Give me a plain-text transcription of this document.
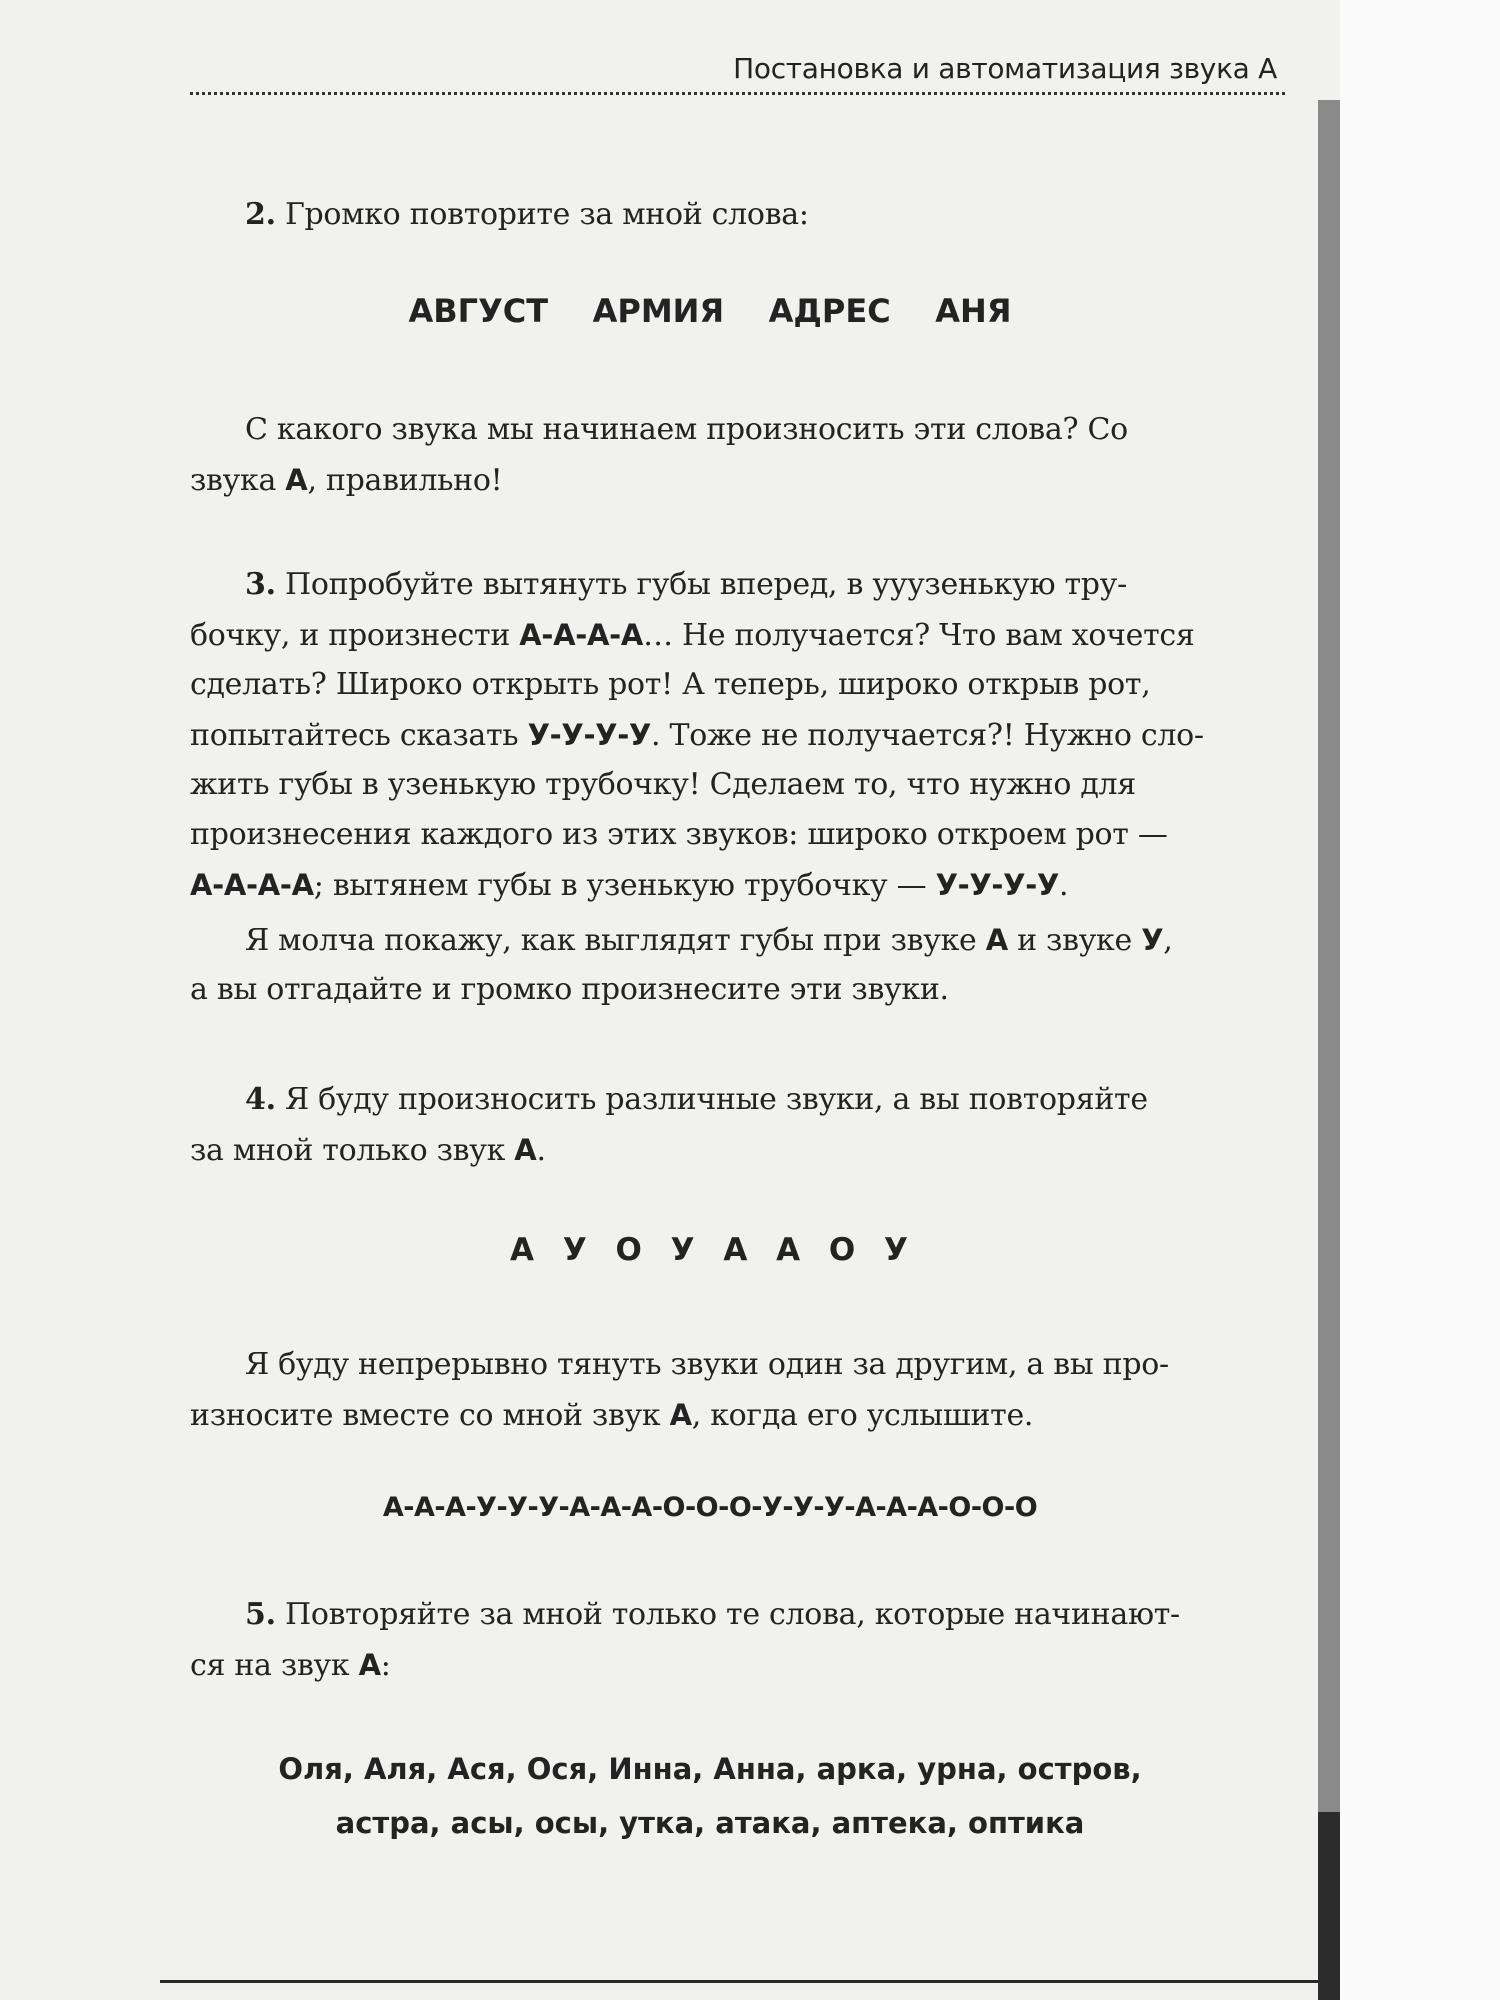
Постановка и автоматизация звука А

2. Громко повторите за мной слова:

АВГУСТ    АРМИЯ    АДРЕС    АНЯ

С какого звука мы начинаем произносить эти слова? Со

звука А, правильно!

3. Попробуйте вытянуть губы вперед, в ууузенькую тру-

бочку, и произнести А-А-А-А… Не получается? Что вам хочется

сделать? Широко открыть рот! А теперь, широко открыв рот,

попытайтесь сказать У-У-У-У. Тоже не получается?! Нужно сло-

жить губы в узенькую трубочку! Сделаем то, что нужно для

произнесения каждого из этих звуков: широко откроем рот —

А-А-А-А; вытянем губы в узенькую трубочку — У-У-У-У.

Я молча покажу, как выглядят губы при звуке А и звуке У,

а вы отгадайте и громко произнесите эти звуки.

4. Я буду произносить различные звуки, а вы повторяйте

за мной только звук А.

А У О У А А О У

Я буду непрерывно тянуть звуки один за другим, а вы про-

износите вместе со мной звук А, когда его услышите.

А-А-А-У-У-У-А-А-А-О-О-О-У-У-У-А-А-А-О-О-О

5. Повторяйте за мной только те слова, которые начинают-

ся на звук А:

Оля, Аля, Ася, Ося, Инна, Анна, арка, урна, остров,
астра, асы, осы, утка, атака, аптека, оптика
